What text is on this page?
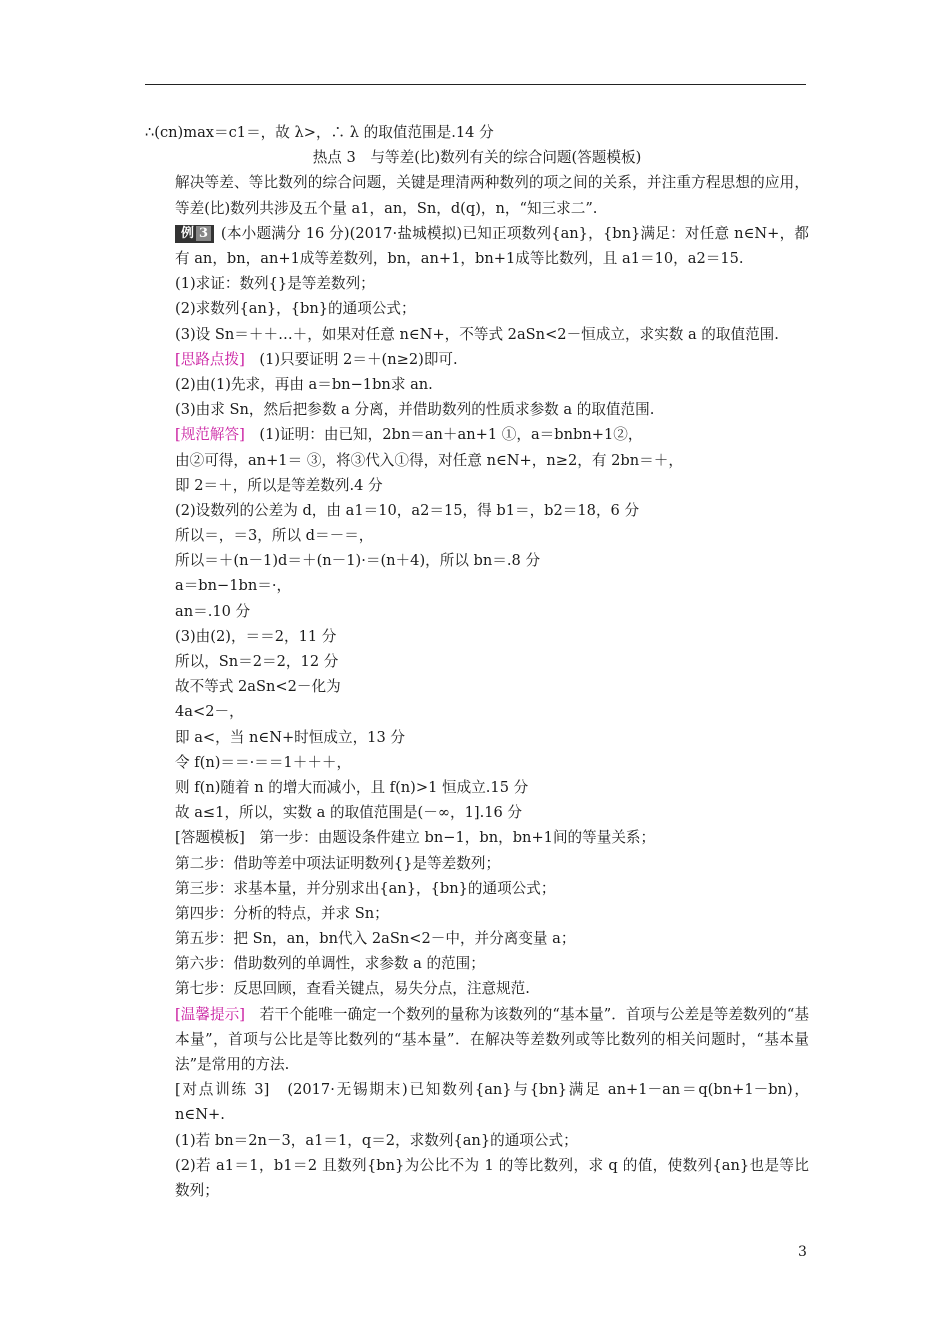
∴(cn)max＝c1＝，故 λ>，∴ λ 的取值范围是.14 分
热点 3　与等差(比)数列有关的综合问题(答题模板)
解决等差、等比数列的综合问题，关键是理清两种数列的项之间的关系，并注重方程思想的应用，等差(比)数列共涉及五个量 a1，an，Sn，d(q)，n，“知三求二”.
例 3 (本小题满分 16 分)(2017·盐城模拟)已知正项数列{an}，{bn}满足：对任意 n∈N+，都有 an，bn，an+1成等差数列，bn，an+1，bn+1成等比数列，且 a1＝10，a2＝15.
(1)求证：数列{}是等差数列；
(2)求数列{an}，{bn}的通项公式；
(3)设 Sn＝＋＋…＋，如果对任意 n∈N+，不等式 2aSn<2－恒成立，求实数 a 的取值范围.
[思路点拨]　 (1)只要证明 2＝＋(n≥2)即可.
(2)由(1)先求，再由 a＝bn−1bn求 an.
(3)由求 Sn，然后把参数 a 分离，并借助数列的性质求参数 a 的取值范围.
[规范解答]　 (1)证明：由已知，2bn＝an＋an+1 ①，a＝bnbn+1②，
由②可得，an+1＝ ③，将③代入①得，对任意 n∈N+，n≥2，有 2bn＝＋，
即 2＝＋，所以是等差数列.4 分
(2)设数列的公差为 d，由 a1＝10，a2＝15，得 b1＝，b2＝18，6 分
所以＝，＝3，所以 d＝－＝，
所以＝＋(n－1)d＝＋(n－1)·＝(n＋4)，所以 bn＝.8 分
a＝bn−1bn＝·，
an＝.10 分
(3)由(2)，＝＝2，11 分
所以，Sn＝2＝2，12 分
故不等式 2aSn<2－化为
4a<2－，
即 a<，当 n∈N+时恒成立，13 分
令 f(n)＝＝·＝＝1＋＋＋，
则 f(n)随着 n 的增大而减小，且 f(n)>1 恒成立.15 分
故 a≤1，所以，实数 a 的取值范围是(－∞，1].16 分
[答题模板]　第一步：由题设条件建立 bn−1，bn，bn+1间的等量关系；
第二步：借助等差中项法证明数列{}是等差数列；
第三步：求基本量，并分别求出{an}，{bn}的通项公式；
第四步：分析的特点，并求 Sn；
第五步：把 Sn，an，bn代入 2aSn<2－中，并分离变量 a；
第六步：借助数列的单调性，求参数 a 的范围；
第七步：反思回顾，查看关键点，易失分点，注意规范.
[温馨提示]　 若干个能唯一确定一个数列的量称为该数列的“基本量”．首项与公差是等差数列的“基本量”，首项与公比是等比数列的“基本量”．在解决等差数列或等比数列的相关问题时，“基本量法”是常用的方法.
[对点训练 3]　(2017·无锡期末)已知数列{an}与{bn}满足 an+1－an＝q(bn+1－bn)，n∈N+.
(1)若 bn＝2n－3，a1＝1，q＝2，求数列{an}的通项公式；
(2)若 a1＝1，b1＝2 且数列{bn}为公比不为 1 的等比数列，求 q 的值，使数列{an}也是等比数列；
3
